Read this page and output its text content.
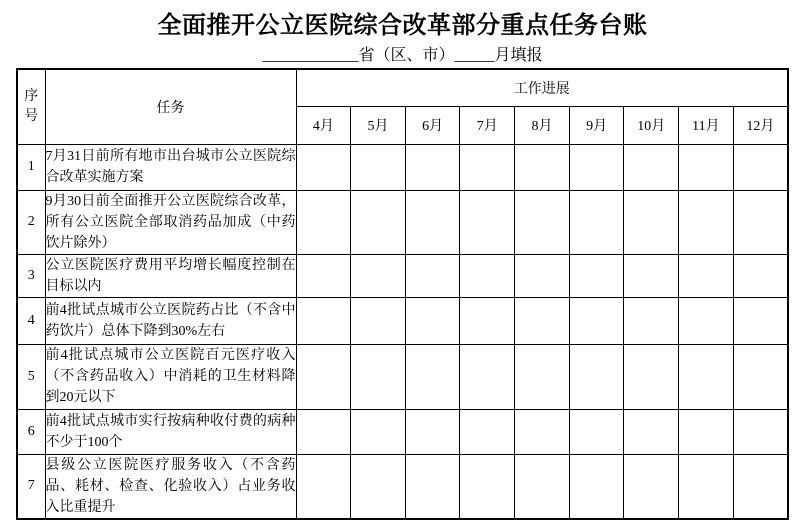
全面推开公立医院综合改革部分重点任务台账
____________省（区、市）_____月填报
序号	任务	工作进展								
		4月	5月	6月	7月	8月	9月	10月	11月	12月
1	7月31日前所有地市出台城市公立医院综合改革实施方案									
2	9月30日前全面推开公立医院综合改革，所有公立医院全部取消药品加成（中药饮片除外）									
3	公立医院医疗费用平均增长幅度控制在目标以内									
4	前4批试点城市公立医院药占比（不含中药饮片）总体下降到30%左右									
5	前4批试点城市公立医院百元医疗收入（不含药品收入）中消耗的卫生材料降到20元以下									
6	前4批试点城市实行按病种收付费的病种不少于100个									
7	县级公立医院医疗服务收入（不含药品、耗材、检查、化验收入）占业务收入比重提升									
